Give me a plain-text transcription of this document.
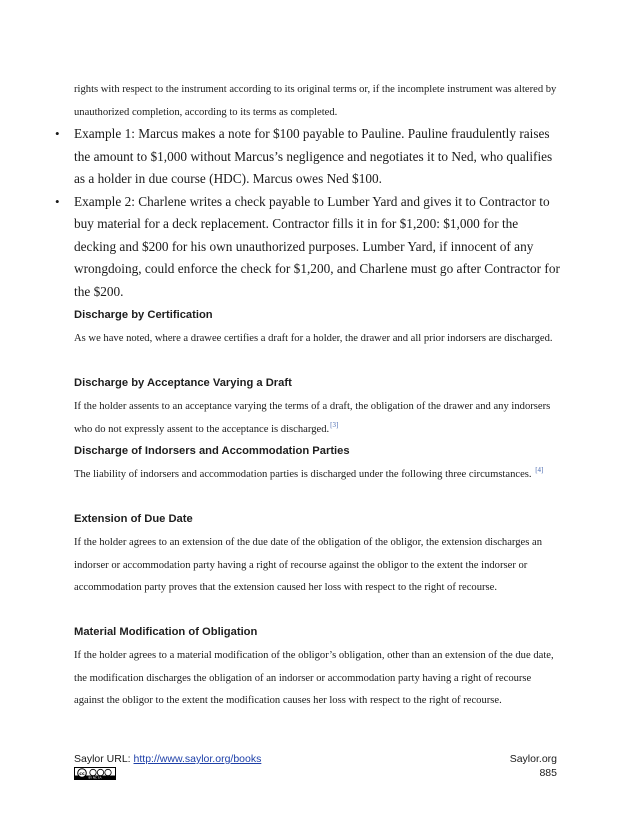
rights with respect to the instrument according to its original terms or, if the incomplete instrument was altered by unauthorized completion, according to its terms as completed.

• Example 1: Marcus makes a note for $100 payable to Pauline. Pauline fraudulently raises the amount to $1,000 without Marcus’s negligence and negotiates it to Ned, who qualifies as a holder in due course (HDC). Marcus owes Ned $100.
• Example 2: Charlene writes a check payable to Lumber Yard and gives it to Contractor to buy material for a deck replacement. Contractor fills it in for $1,200: $1,000 for the decking and $200 for his own unauthorized purposes. Lumber Yard, if innocent of any wrongdoing, could enforce the check for $1,200, and Charlene must go after Contractor for the $200.
Discharge by Certification

As we have noted, where a drawee certifies a draft for a holder, the drawer and all prior indorsers are discharged.

Discharge by Acceptance Varying a Draft

If the holder assents to an acceptance varying the terms of a draft, the obligation of the drawer and any indorsers who do not expressly assent to the acceptance is discharged.[3]

Discharge of Indorsers and Accommodation Parties

The liability of indorsers and accommodation parties is discharged under the following three circumstances. [4]

Extension of Due Date

If the holder agrees to an extension of the due date of the obligation of the obligor, the extension discharges an indorser or accommodation party having a right of recourse against the obligor to the extent the indorser or accommodation party proves that the extension caused her loss with respect to the right of recourse.

Material Modification of Obligation

If the holder agrees to a material modification of the obligor’s obligation, other than an extension of the due date, the modification discharges the obligation of an indorser or accommodation party having a right of recourse against the obligor to the extent the modification causes her loss with respect to the right of recourse.

Saylor URL: http://www.saylor.org/books
cc
BY NC SA
Saylor.org
885
